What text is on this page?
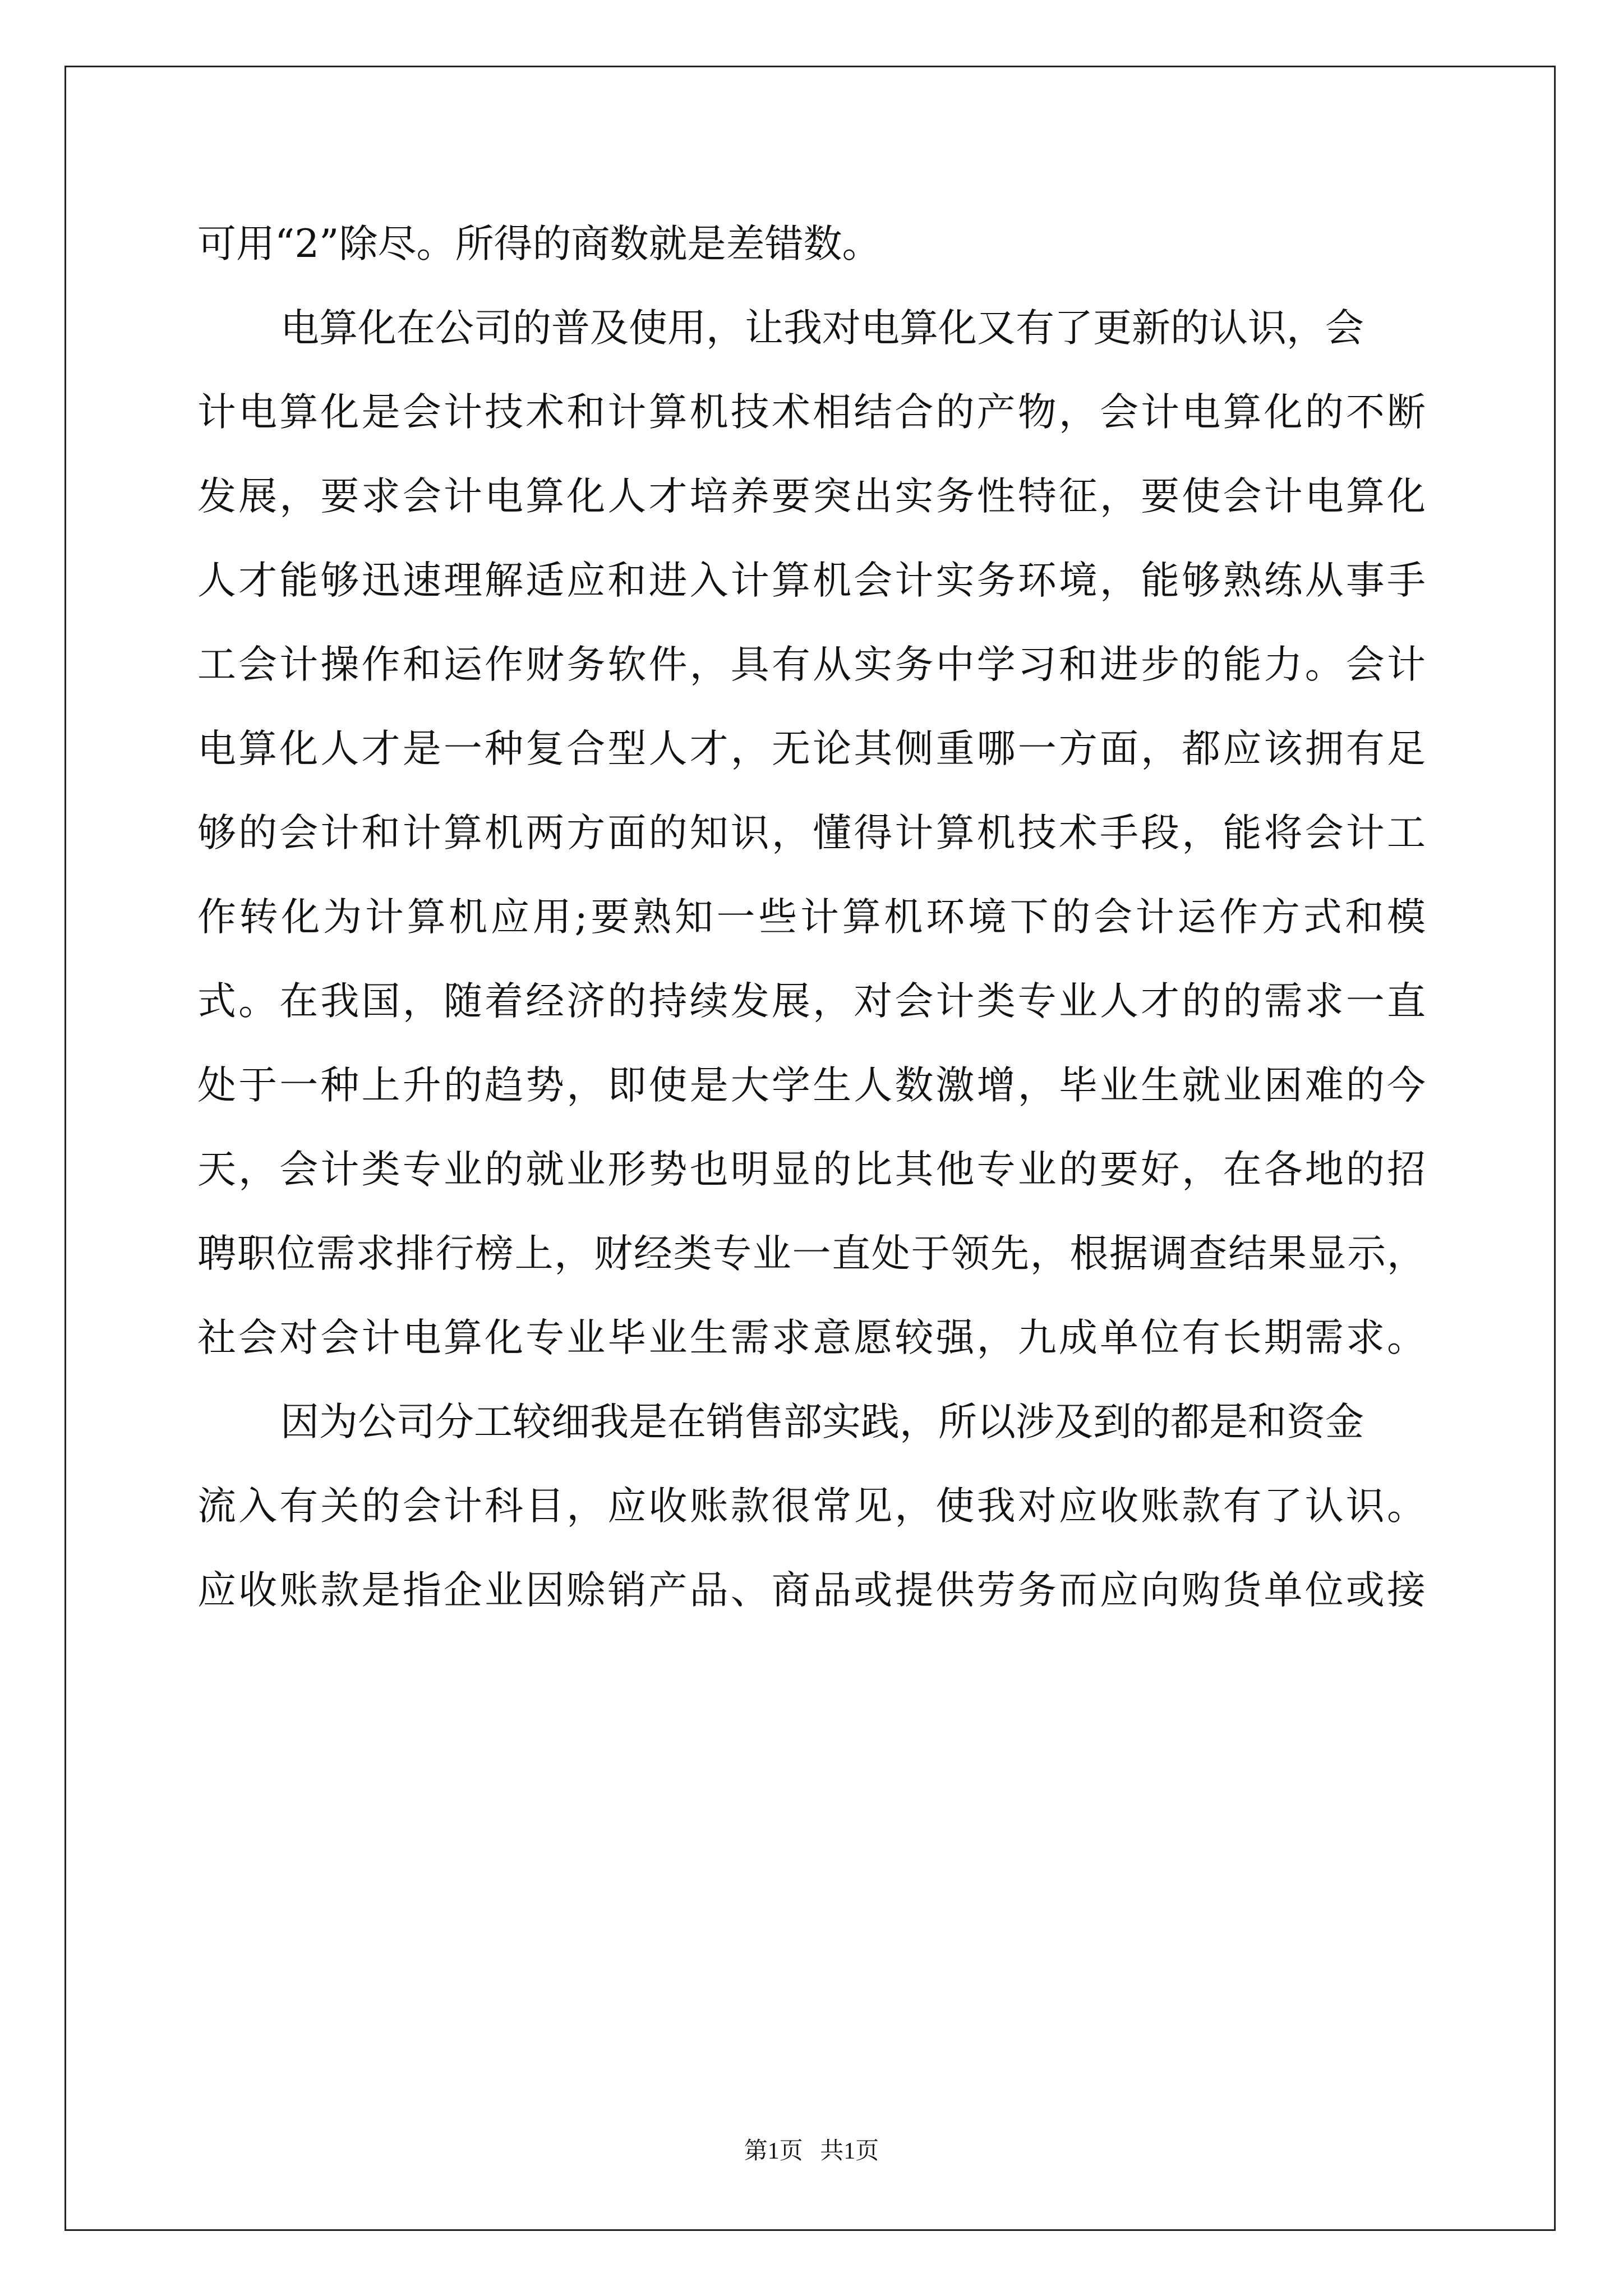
可用“2”除尽。所得的商数就是差错数。
电算化在公司的普及使用，让我对电算化又有了更新的认识，会
计电算化是会计技术和计算机技术相结合的产物，会计电算化的不断
发展，要求会计电算化人才培养要突出实务性特征，要使会计电算化
人才能够迅速理解适应和进入计算机会计实务环境，能够熟练从事手
工会计操作和运作财务软件，具有从实务中学习和进步的能力。会计
电算化人才是一种复合型人才，无论其侧重哪一方面，都应该拥有足
够的会计和计算机两方面的知识，懂得计算机技术手段，能将会计工
作转化为计算机应用;要熟知一些计算机环境下的会计运作方式和模
式。在我国，随着经济的持续发展，对会计类专业人才的的需求一直
处于一种上升的趋势，即使是大学生人数激增，毕业生就业困难的今
天，会计类专业的就业形势也明显的比其他专业的要好，在各地的招
聘职位需求排行榜上，财经类专业一直处于领先，根据调查结果显示，
社会对会计电算化专业毕业生需求意愿较强，九成单位有长期需求。
因为公司分工较细我是在销售部实践，所以涉及到的都是和资金
流入有关的会计科目，应收账款很常见，使我对应收账款有了认识。
应收账款是指企业因赊销产品、商品或提供劳务而应向购货单位或接
第1页 共1页
